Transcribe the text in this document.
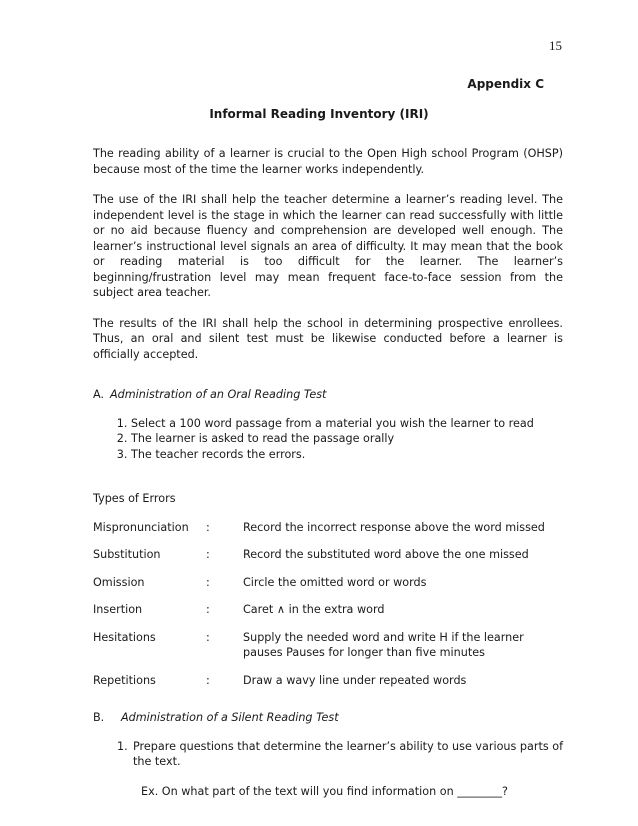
15
Appendix C
Informal Reading Inventory (IRI)

The reading ability of a learner is crucial to the Open High school Program (OHSP) because most of the time the learner works independently.

The use of the IRI shall help the teacher determine a learner’s reading level. The independent level is the stage in which the learner can read successfully with little or no aid because fluency and comprehension are developed well enough. The learner’s instructional level signals an area of difficulty. It may mean that the book or reading material is too difficult for the learner. The learner’s beginning/frustration level may mean frequent face-to-face session from the subject area teacher.

The results of the IRI shall help the school in determining prospective enrollees. Thus, an oral and silent test must be likewise conducted before a learner is officially accepted.

A. Administration of an Oral Reading Test
1. Select a 100 word passage from a material you wish the learner to read
2. The learner is asked to read the passage orally
3. The teacher records the errors.
Types of Errors
Mispronunciation	:	Record the incorrect response above the word missed
Substitution	:	Record the substituted word above the one missed
Omission	:	Circle the omitted word or words
Insertion	:	Caret ∧ in the extra word
Hesitations	:	Supply the needed word and write H if the learner pauses Pauses for longer than five minutes
Repetitions	:	Draw a wavy line under repeated words
B.	Administration of a Silent Reading Test
1. Prepare questions that determine the learner’s ability to use various parts of the text.
Ex. On what part of the text will you find information on ________?
